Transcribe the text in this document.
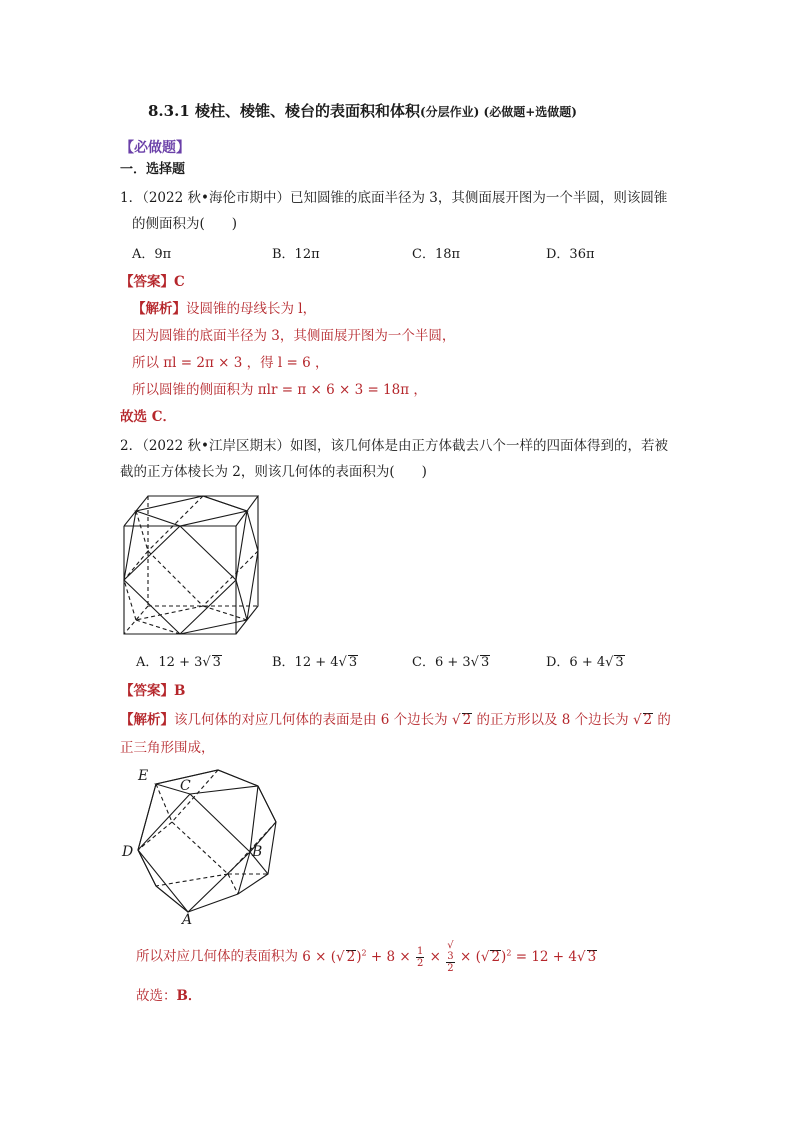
8.3.1 棱柱、棱锥、棱台的表面积和体积(分层作业) (必做题+选做题)
【必做题】
一．选择题
1．（2022 秋•海伦市期中）已知圆锥的底面半径为 3，其侧面展开图为一个半圆，则该圆锥
的侧面积为(　　)
A．9π	B．12π	C．18π	D．36π
【答案】C
【解析】设圆锥的母线长为 l，
因为圆锥的底面半径为 3，其侧面展开图为一个半圆，
所以 πl = 2π × 3 ，得 l = 6 ，
所以圆锥的侧面积为 πlr = π × 6 × 3 = 18π ，
故选 C．
2．（2022 秋•江岸区期末）如图，该几何体是由正方体截去八个一样的四面体得到的，若被
截的正方体棱长为 2，则该几何体的表面积为(　　)
A．12 + 3√ 3	B．12 + 4√ 3	C．6 + 3√ 3	D．6 + 4√ 3
【答案】B
【解析】该几何体的对应几何体的表面是由 6 个边长为 √ 2 的正方形以及 8 个边长为 √ 2 的
正三角形围成，
E
C
D	B
A
所以对应几何体的表面积为 6 × (√ $2)^2 + 8 \times \frac{1}{2}$ × √
3
2 × (√ 2)$^2$ = 12 + 4√ 3
故选：B．
